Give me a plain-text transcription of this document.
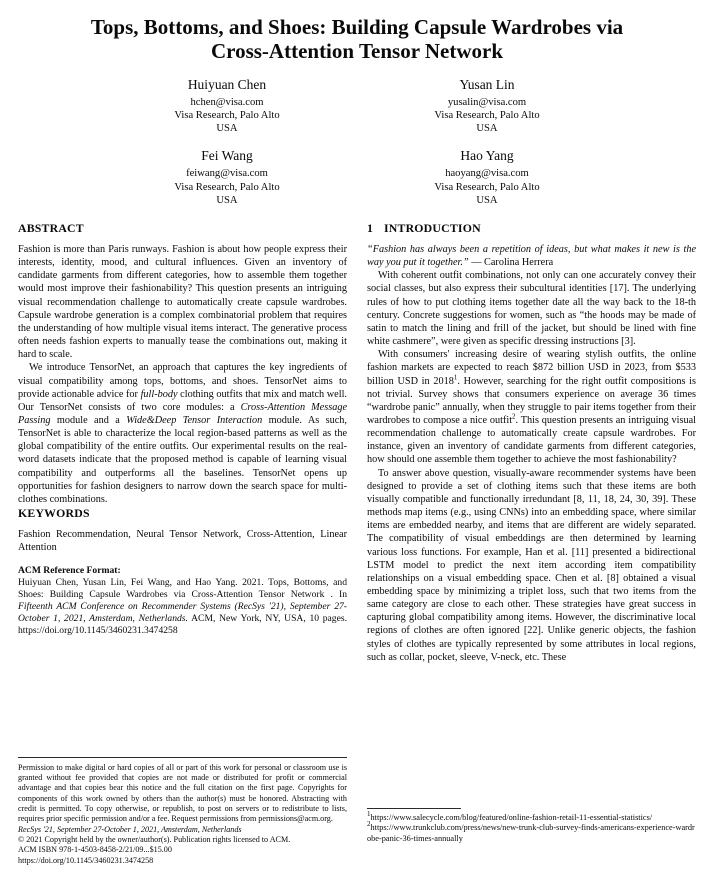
Tops, Bottoms, and Shoes: Building Capsule Wardrobes via
Cross-Attention Tensor Network
Huiyuan Chen
hchen@visa.com
Visa Research, Palo Alto
USA
Yusan Lin
yusalin@visa.com
Visa Research, Palo Alto
USA
Fei Wang
feiwang@visa.com
Visa Research, Palo Alto
USA
Hao Yang
haoyang@visa.com
Visa Research, Palo Alto
USA
ABSTRACT

Fashion is more than Paris runways. Fashion is about how people express their interests, identity, mood, and cultural influences. Given an inventory of candidate garments from different categories, how to assemble them together would most improve their fashionability? This question presents an intriguing visual recommendation challenge to automatically create capsule wardrobes. Capsule wardrobe generation is a complex combinatorial problem that requires the understanding of how multiple visual items interact. The generative process often needs fashion experts to manually tease the combinations out, making it hard to scale.

We introduce TensorNet, an approach that captures the key ingredients of visual compatibility among tops, bottoms, and shoes. TensorNet aims to provide actionable advice for full-body clothing outfits that mix and match well. Our TensorNet consists of two core modules: a Cross-Attention Message Passing module and a Wide&Deep Tensor Interaction module. As such, TensorNet is able to characterize the local region-based patterns as well as the global compatibility of the entire outfits. Our experimental results on the real-word datasets indicate that the proposed method is capable of learning visual compatibility and outperforms all the baselines. TensorNet opens up opportunities for fashion designers to narrow down the search space for multi-clothes combinations.

KEYWORDS

Fashion Recommendation, Neural Tensor Network, Cross-Attention, Linear Attention

ACM Reference Format:

Huiyuan Chen, Yusan Lin, Fei Wang, and Hao Yang. 2021. Tops, Bottoms, and Shoes: Building Capsule Wardrobes via Cross-Attention Tensor Network . In Fifteenth ACM Conference on Recommender Systems (RecSys '21), September 27-October 1, 2021, Amsterdam, Netherlands. ACM, New York, NY, USA, 10 pages. https://doi.org/10.1145/3460231.3474258

Permission to make digital or hard copies of all or part of this work for personal or classroom use is granted without fee provided that copies are not made or distributed for profit or commercial advantage and that copies bear this notice and the full citation on the first page. Copyrights for components of this work owned by others than the author(s) must be honored. Abstracting with credit is permitted. To copy otherwise, or republish, to post on servers or to redistribute to lists, requires prior specific permission and/or a fee. Request permissions from permissions@acm.org.

RecSys '21, September 27-October 1, 2021, Amsterdam, Netherlands

© 2021 Copyright held by the owner/author(s). Publication rights licensed to ACM.

ACM ISBN 978-1-4503-8458-2/21/09...$15.00

https://doi.org/10.1145/3460231.3474258

1 INTRODUCTION

“Fashion has always been a repetition of ideas, but what makes it new is the way you put it together.” — Carolina Herrera

With coherent outfit combinations, not only can one accurately convey their social classes, but also express their subcultural identities [17]. The underlying rules of how to put clothing items together date all the way back to the 18-th century. Concrete suggestions for women, such as “the hoods may be made of satin to match the lining and frill of the jacket, but should be lined with fine white cashmere”, were given as specific dressing instructions [3].

With consumers' increasing desire of wearing stylish outfits, the online fashion markets are expected to reach $872 billion USD in 2023, from $533 billion USD in 2018$^1$. However, searching for the right outfit compositions is not trivial. Survey shows that consumers experience on average 36 times “wardrobe panic” annually, when they struggle to pair items together from their wardrobes to compose a nice outfit$^2$. This question presents an intriguing visual recommendation challenge to automatically create capsule wardrobes. For instance, given an inventory of candidate garments from different categories, how should one assemble them together to achieve the most fashionability?

To answer above question, visually-aware recommender systems have been designed to provide a set of clothing items such that these items are both visually compatible and functionally irredundant [8, 11, 18, 24, 30, 39]. These methods map items (e.g., using CNNs) into an embedding space, where similar items are embedded nearby, and items that are different are widely separated. The compatibility of visual embeddings are then determined by learning various loss functions. For example, Han et al. [11] presented a bidirectional LSTM model to predict the next item according item compatibility relationships on a visual embedding space. Chen et al. [8] obtained a visual embedding space by minimizing a triplet loss, such that two items from the same category are close to each other. These strategies have great success in capturing global compatibility among items. However, the discriminative local regions of clothes are often ignored [22]. Unlike generic objects, the fashion styles of clothes are typically represented by some attributes in local regions, such as collar, pocket, sleeve, V-neck, etc. These

$^1$https://www.salecycle.com/blog/featured/online-fashion-retail-11-essential-statistics/

$^2$https://www.trunkclub.com/press/news/new-trunk-club-survey-finds-americans-experience-wardrobe-panic-36-times-annually
